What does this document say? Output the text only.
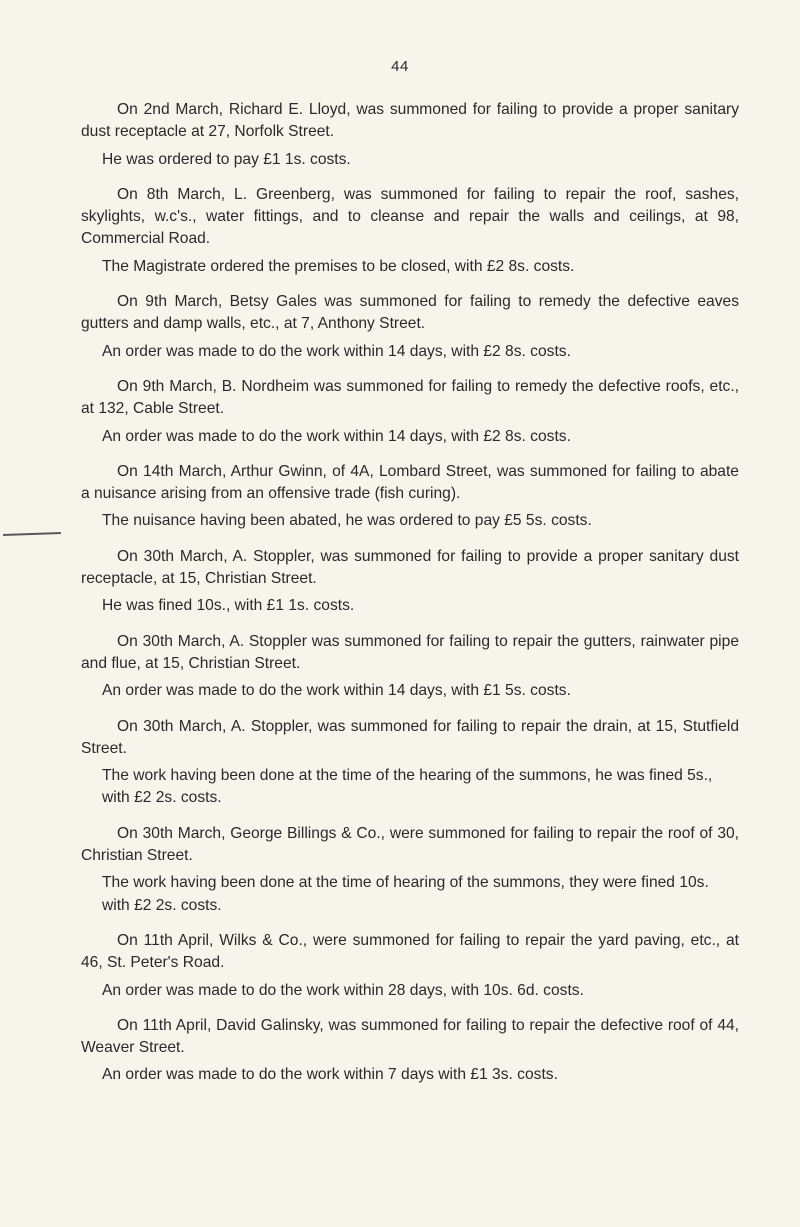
44

On 2nd March, Richard E. Lloyd, was summoned for failing to provide a proper sanitary dust receptacle at 27, Norfolk Street.

He was ordered to pay £1 1s. costs.

On 8th March, L. Greenberg, was summoned for failing to repair the roof, sashes, skylights, w.c's., water fittings, and to cleanse and repair the walls and ceilings, at 98, Commercial Road.

The Magistrate ordered the premises to be closed, with £2 8s. costs.

On 9th March, Betsy Gales was summoned for failing to remedy the defective eaves gutters and damp walls, etc., at 7, Anthony Street.

An order was made to do the work within 14 days, with £2 8s. costs.

On 9th March, B. Nordheim was summoned for failing to remedy the defective roofs, etc., at 132, Cable Street.

An order was made to do the work within 14 days, with £2 8s. costs.

On 14th March, Arthur Gwinn, of 4A, Lombard Street, was summoned for failing to abate a nuisance arising from an offensive trade (fish curing).

The nuisance having been abated, he was ordered to pay £5 5s. costs.

On 30th March, A. Stoppler, was summoned for failing to provide a proper sanitary dust receptacle, at 15, Christian Street.

He was fined 10s., with £1 1s. costs.

On 30th March, A. Stoppler was summoned for failing to repair the gutters, rainwater pipe and flue, at 15, Christian Street.

An order was made to do the work within 14 days, with £1 5s. costs.

On 30th March, A. Stoppler, was summoned for failing to repair the drain, at 15, Stutfield Street.

The work having been done at the time of the hearing of the summons, he was fined 5s., with £2 2s. costs.

On 30th March, George Billings & Co., were summoned for failing to repair the roof of 30, Christian Street.

The work having been done at the time of hearing of the summons, they were fined 10s. with £2 2s. costs.

On 11th April, Wilks & Co., were summoned for failing to repair the yard paving, etc., at 46, St. Peter's Road.

An order was made to do the work within 28 days, with 10s. 6d. costs.

On 11th April, David Galinsky, was summoned for failing to repair the defective roof of 44, Weaver Street.

An order was made to do the work within 7 days with £1 3s. costs.
